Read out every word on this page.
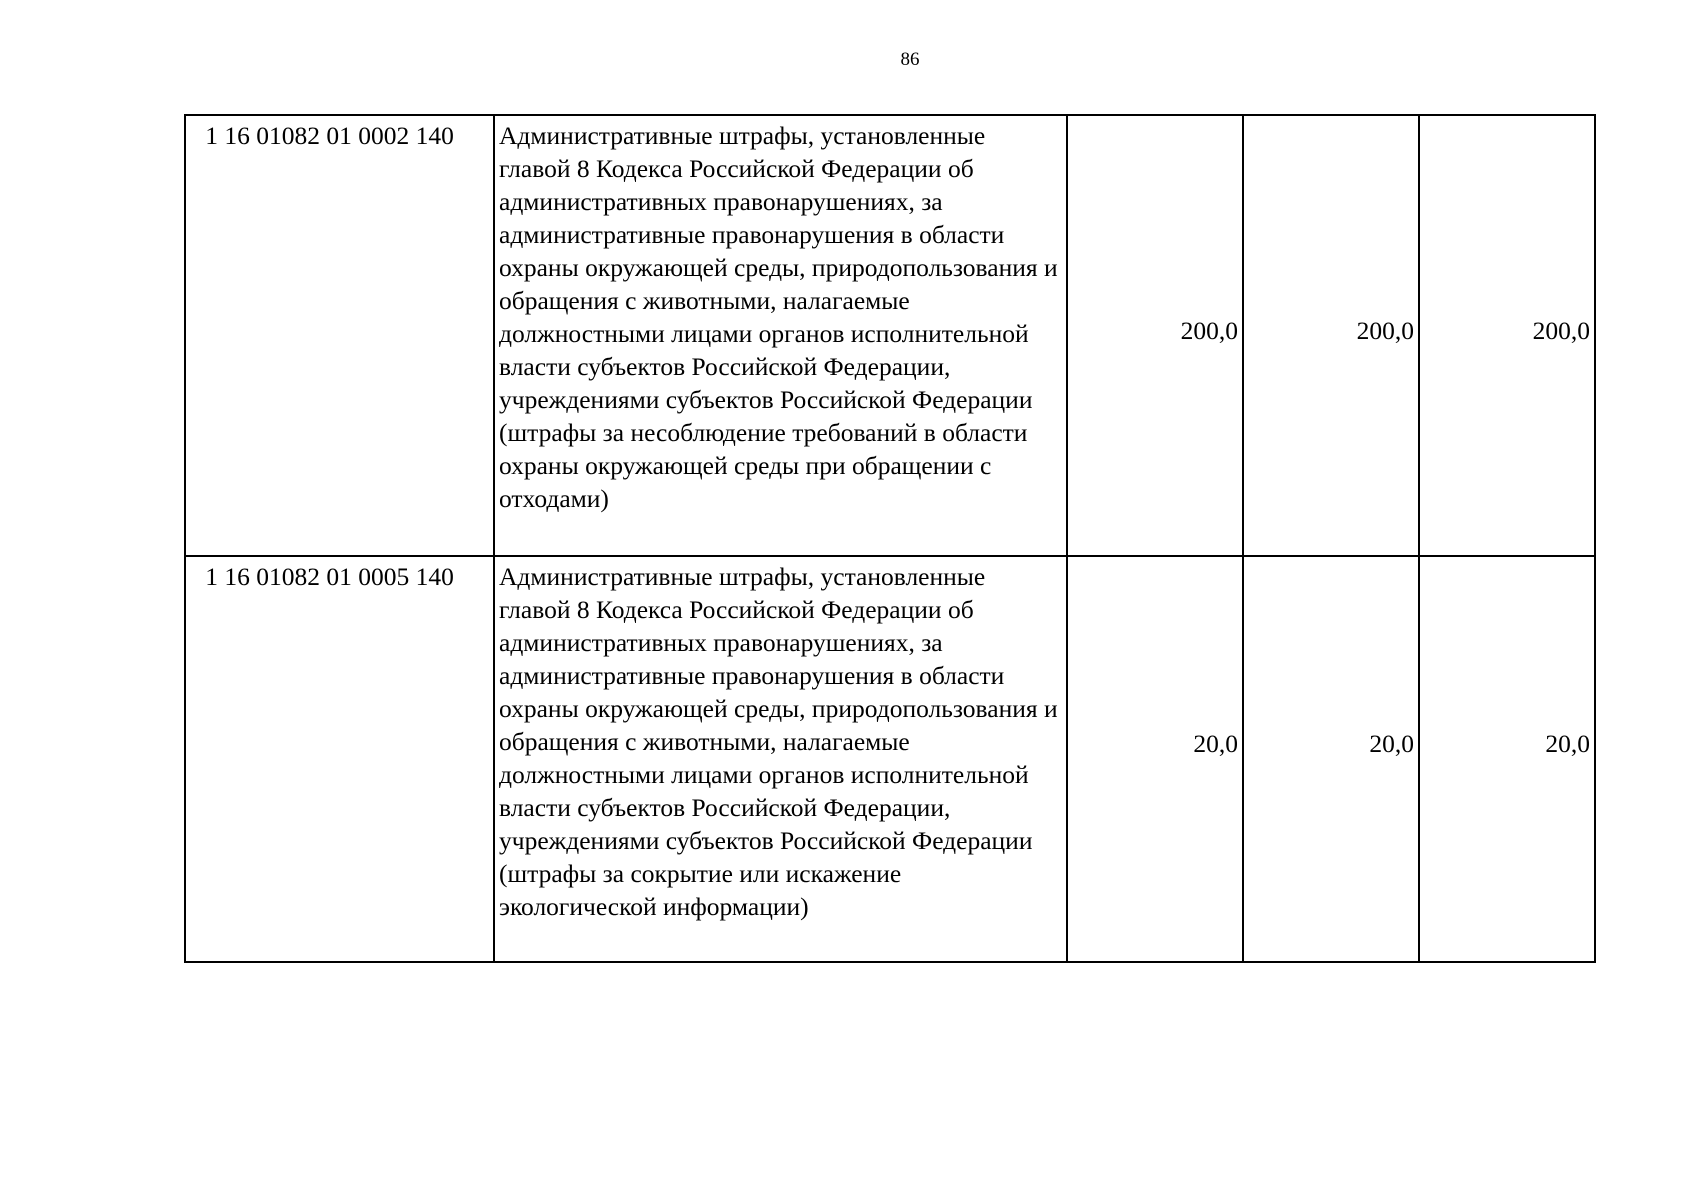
86
1 16 01082 01 0002 140	Административные штрафы, установленные главой 8 Кодекса Российской Федерации об административных правонарушениях, за административные правонарушения в области охраны окружающей среды, природопользования и обращения с животными, налагаемые должностными лицами органов исполнительной власти субъектов Российской Федерации, учреждениями субъектов Российской Федерации (штрафы за несоблюдение требований в области охраны окружающей среды при обращении с отходами)	200,0	200,0	200,0
1 16 01082 01 0005 140	Административные штрафы, установленные главой 8 Кодекса Российской Федерации об административных правонарушениях, за административные правонарушения в области охраны окружающей среды, природопользования и обращения с животными, налагаемые должностными лицами органов исполнительной власти субъектов Российской Федерации, учреждениями субъектов Российской Федерации (штрафы за сокрытие или искажение экологической информации)	20,0	20,0	20,0
